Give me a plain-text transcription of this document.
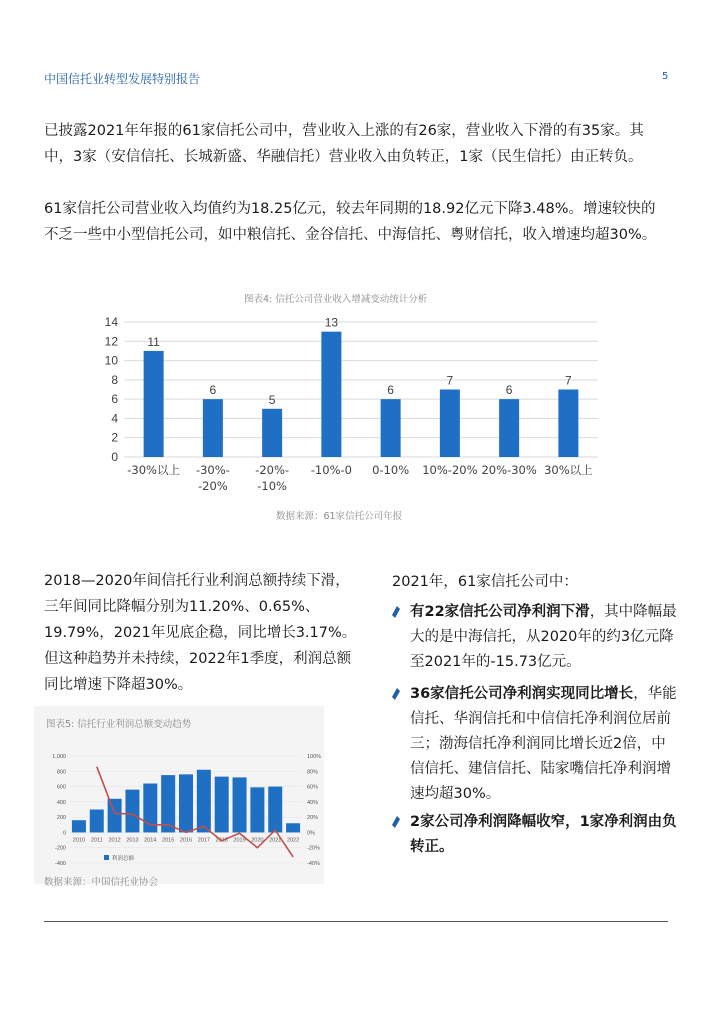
中国信托业转型发展特别报告	5

已披露2021年年报的61家信托公司中，营业收入上涨的有26家，营业收入下滑的有35家。其中，3家（安信信托、长城新盛、华融信托）营业收入由负转正，1家（民生信托）由正转负。

61家信托公司营业收入均值约为18.25亿元，较去年同期的18.92亿元下降3.48%。增速较快的不乏一些中小型信托公司，如中粮信托、金谷信托、中海信托、粤财信托，收入增速均超30%。

图表4: 信托公司营业收入增减变动统计分析
0
2
4
6
8
10
12
14
11
-30%以上
6
-30%-
-20%
5
-20%-
-10%
13
-10%-0
6
0-10%
7
10%-20%
6
20%-30%
7
30%以上
数据来源：61家信托公司年报

2018—2020年间信托行业利润总额持续下滑，三年间同比降幅分别为11.20%、0.65%、19.79%，2021年见底企稳，同比增长3.17%。但这种趋势并未持续，2022年1季度，利润总额同比增速下降超30%。

图表5: 信托行业利润总额变动趋势
-400	-40%
-200	-20%
0	0%
200	20%
400	40%
600	60%
800	80%
1,000	100%
2010 2011 2012 2013 2014 2015 2016 2017 2018 2019 2020 2021 2022
利润总额
数据来源：中国信托业协会
2021年，61家信托公司中：
有22家信托公司净利润下滑，其中降幅最大的是中海信托，从2020年的约3亿元降至2021年的-15.73亿元。
36家信托公司净利润实现同比增长，华能信托、华润信托和中信信托净利润位居前三；渤海信托净利润同比增长近2倍，中信信托、建信信托、陆家嘴信托净利润增速均超30%。
2家公司净利润降幅收窄，1家净利润由负转正。
